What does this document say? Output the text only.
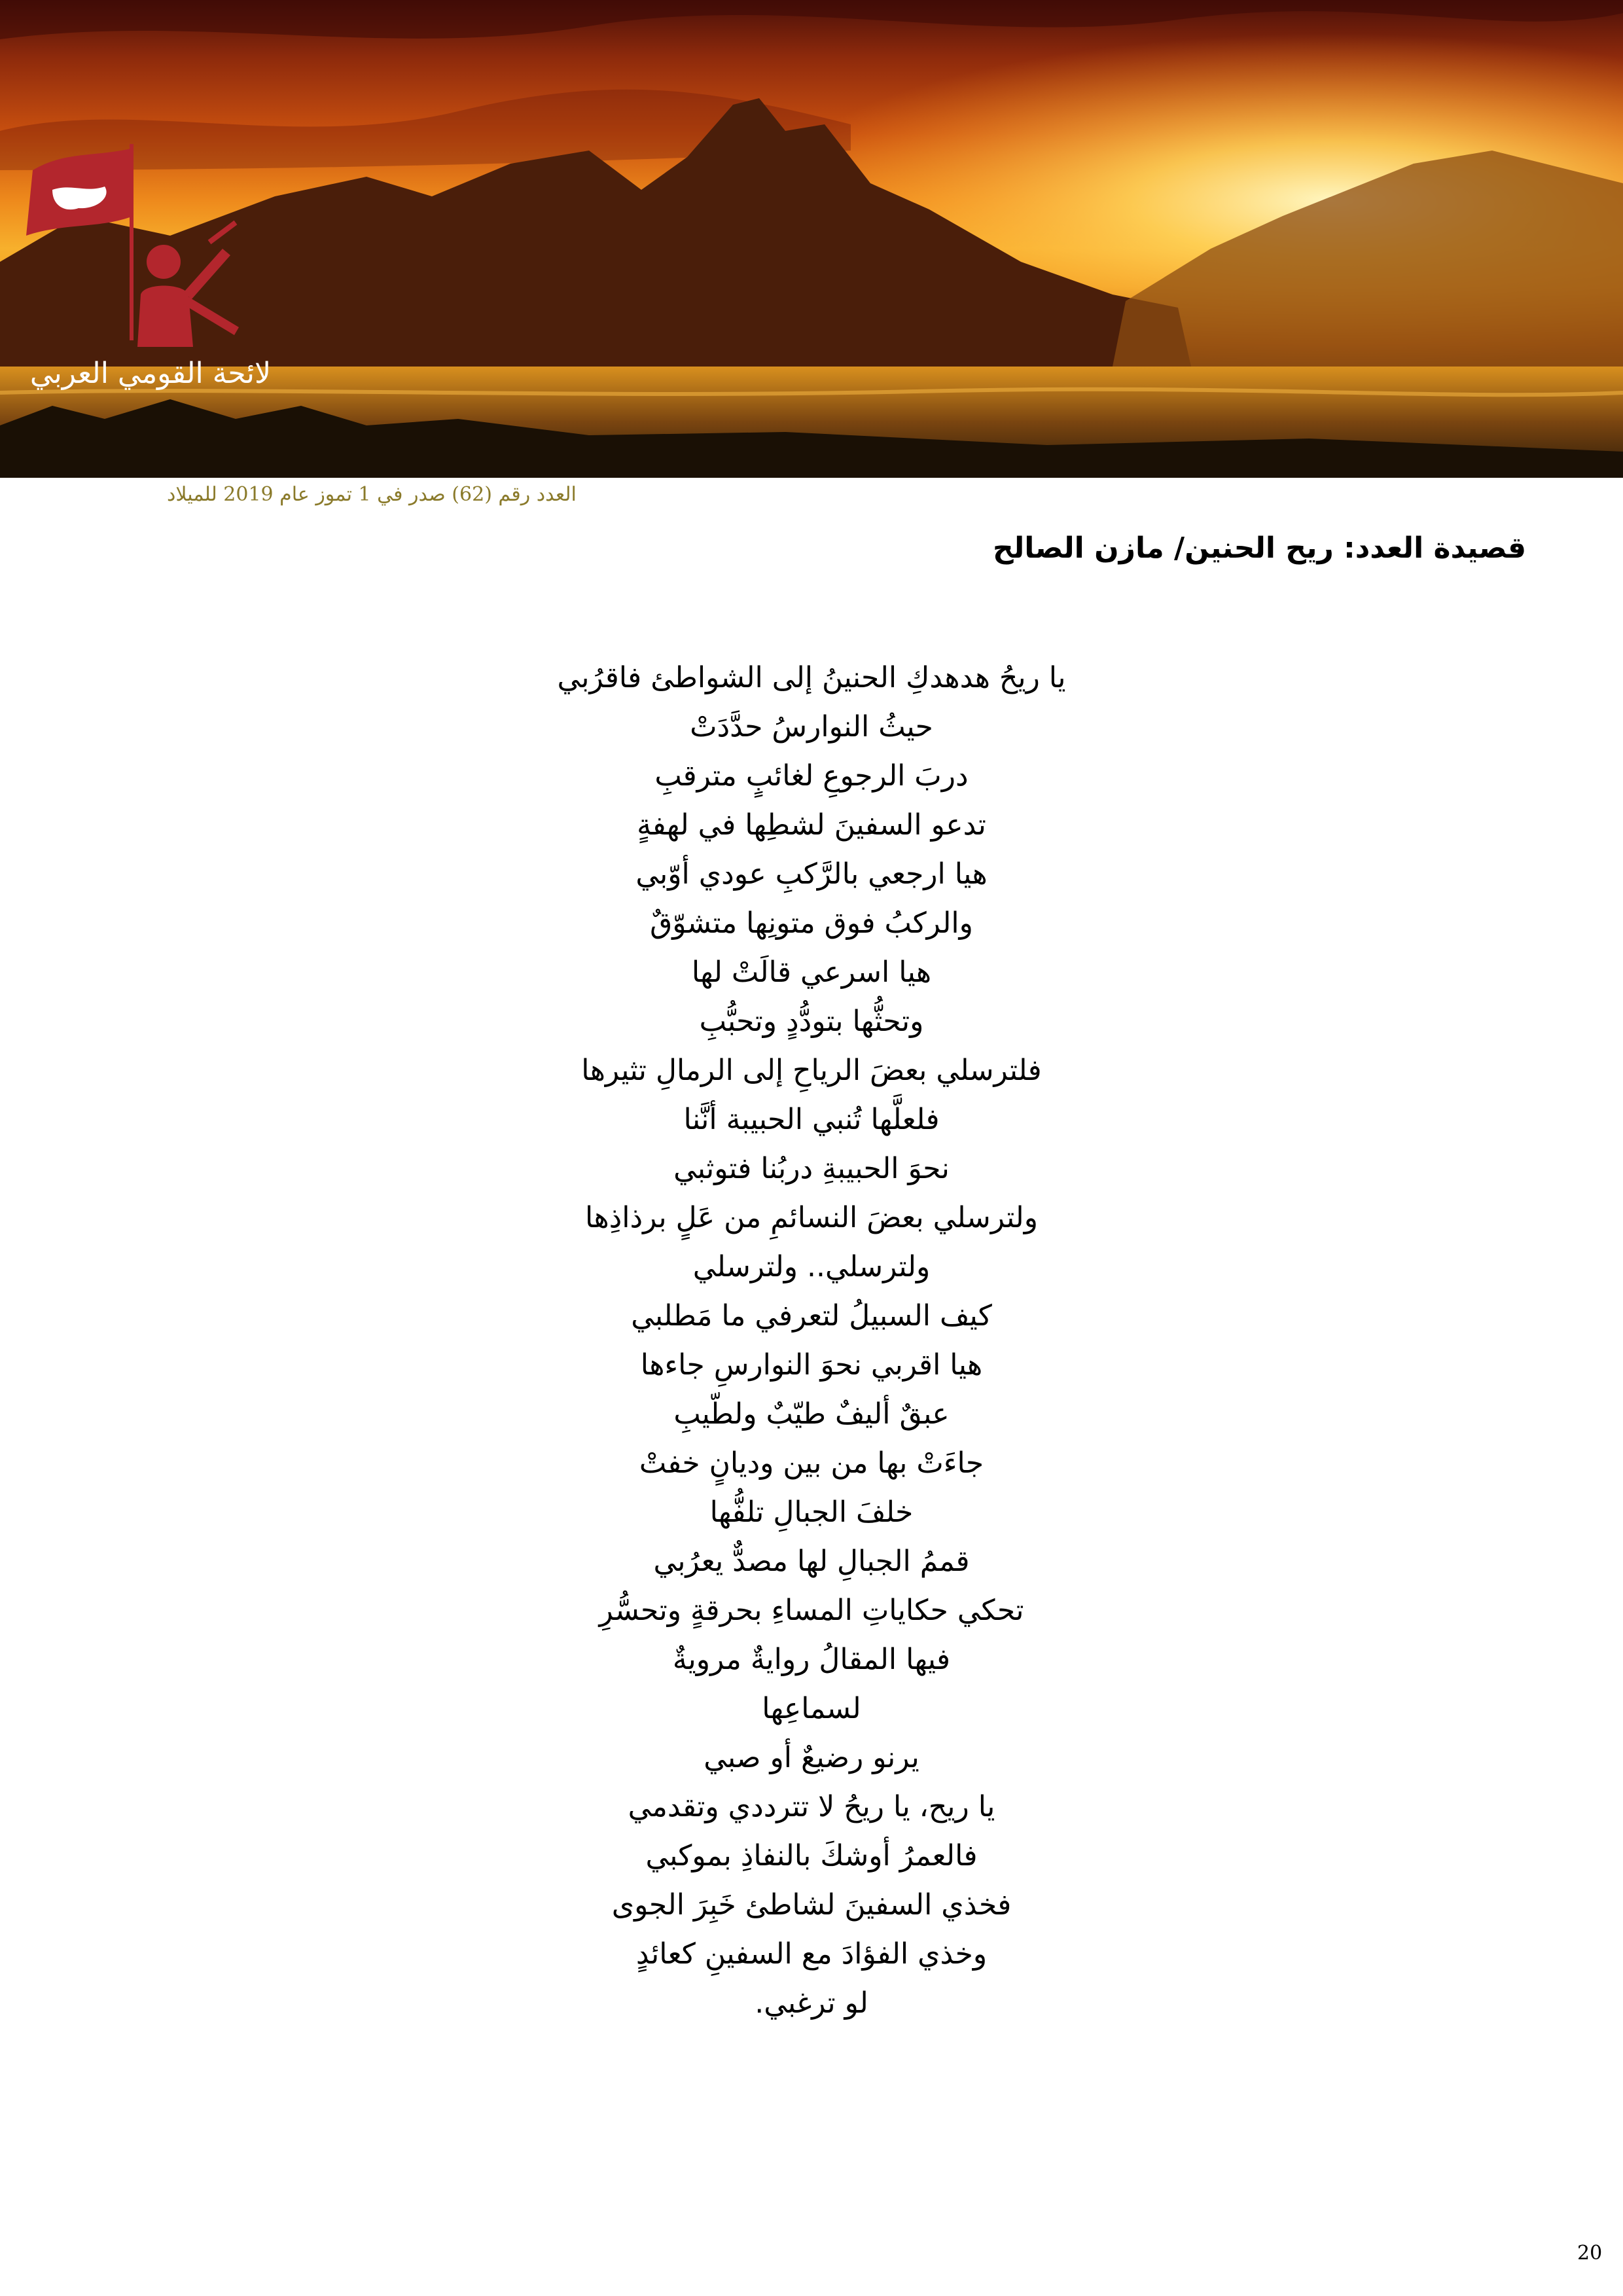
لائحة القومي العربي
العدد رقم (62) صدر في 1 تموز عام 2019 للميلاد
قصيدة العدد: ريح الحنين/ مازن الصالح
يا ريحُ هدهدكِ الحنينُ إلى الشواطئ فاقرُبي
حيثُ النوارسُ حدَّدَتْ
دربَ الرجوعِ لغائبٍ مترقبِ
تدعو السفينَ لشطِها في لهفةٍ
هيا ارجعي بالرَّكبِ عودي أوّبي
والركبُ فوق متونِها متشوّقٌ
هيا اسرعي قالَتْ لها
وتحثُّها بتودُّدٍ وتحبُّبِ
فلترسلي بعضَ الرياحِ إلى الرمالِ تثيرها
فلعلَّها تُنبي الحبيبة أنَّنا
نحوَ الحبيبةِ دربُنا فتوثبي
ولترسلي بعضَ النسائمِ من عَلٍ برذاذِها
ولترسلي.. ولترسلي
كيف السبيلُ لتعرفي ما مَطلبي
هيا اقربي نحوَ النوارسِ جاءها
عبقٌ أليفٌ طيّبٌ ولطّيبِ
جاءَتْ بها من بين وديانٍ خفتْ
خلفَ الجبالِ تلفُّها
قممُ الجبالِ لها مصدٌّ يعرُبي
تحكي حكاياتِ المساءِ بحرقةٍ وتحسُّرِ
فيها المقالُ روايةٌ مرويةٌ
لسماعِها
يرنو رضيعٌ أو صبي
يا ريح، يا ريحُ لا تترددي وتقدمي
فالعمرُ أوشكَ بالنفاذِ بموكبي
فخذي السفينَ لشاطئ خَبِرَ الجوى
وخذي الفؤادَ مع السفينِ كعائدٍ
لو ترغبي.
20
